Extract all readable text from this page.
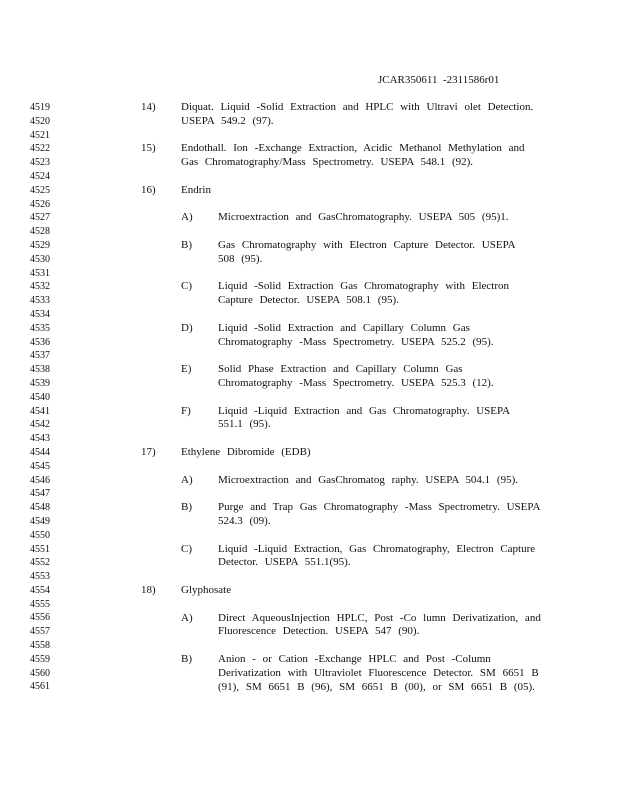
JCAR350611 -2311586r01
4519
4520
4521
4522
4523
4524
4525
4526
4527
4528
4529
4530
4531
4532
4533
4534
4535
4536
4537
4538
4539
4540
4541
4542
4543
4544
4545
4546
4547
4548
4549
4550
4551
4552
4553
4554
4555
4556
4557
4558
4559
4560
4561
14) Diquat. Liquid -Solid Extraction and HPLC with Ultravi olet Detection.
USEPA 549.2 (97).
15) Endothall. Ion -Exchange Extraction, Acidic Methanol Methylation and
Gas Chromatography/Mass Spectrometry. USEPA 548.1 (92).
16) Endrin
A) Microextraction and GasChromatography. USEPA 505 (95)1.
B) Gas Chromatography with Electron Capture Detector. USEPA
508 (95).
C) Liquid -Solid Extraction Gas Chromatography with Electron
Capture Detector. USEPA 508.1 (95).
D) Liquid -Solid Extraction and Capillary Column Gas
Chromatography -Mass Spectrometry. USEPA 525.2 (95).
E) Solid Phase Extraction and Capillary Column Gas
Chromatography -Mass Spectrometry. USEPA 525.3 (12).
F) Liquid -Liquid Extraction and Gas Chromatography. USEPA
551.1 (95).
17) Ethylene Dibromide (EDB)
A) Microextraction and GasChromatog raphy. USEPA 504.1 (95).
B) Purge and Trap Gas Chromatography -Mass Spectrometry. USEPA
524.3 (09).
C) Liquid -Liquid Extraction, Gas Chromatography, Electron Capture
Detector. USEPA 551.1(95).
18) Glyphosate
A) Direct AqueousInjection HPLC, Post -Co lumn Derivatization, and
Fluorescence Detection. USEPA 547 (90).
B) Anion - or Cation -Exchange HPLC and Post -Column
Derivatization with Ultraviolet Fluorescence Detector. SM 6651 B
(91), SM 6651 B (96), SM 6651 B (00), or SM 6651 B (05).
